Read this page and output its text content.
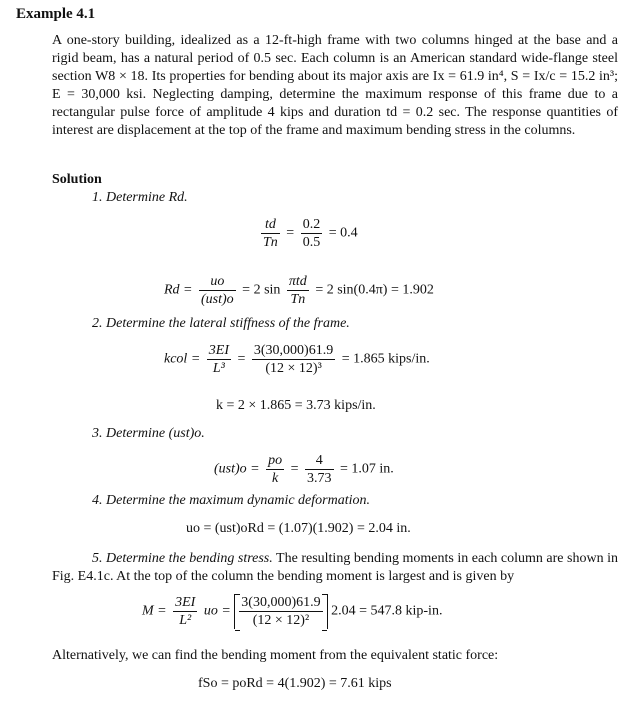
Example 4.1
A one-story building, idealized as a 12-ft-high frame with two columns hinged at the base and a rigid beam, has a natural period of 0.5 sec. Each column is an American standard wide-flange steel section W8 × 18. Its properties for bending about its major axis are Ix = 61.9 in⁴, S = Ix/c = 15.2 in³; E = 30,000 ksi. Neglecting damping, determine the maximum response of this frame due to a rectangular pulse force of amplitude 4 kips and duration td = 0.2 sec. The response quantities of interest are displacement at the top of the frame and maximum bending stress in the columns.
Solution
1. Determine Rd.
$\frac{td}{Tn} = \frac{0.2}{0.5} = 0.4$
$Rd = \frac{uo}{\text{(ust)o}} = 2$ $\sin \frac{\text{πtd}}{Tn} = 2$ sin(0.4π) = 1.902
2. Determine the lateral stiffness of the frame.
kcol = $\frac{3EI}{\text{L³}} = \frac{3(30,000)61.9}{\text{(12 × 12)³}} = 1.865$ kips/in.
k = 2 × 1.865 = 3.73 kips/in.
3. Determine (ust)o.
$(ust)o = \frac{po}{k} = \frac{4}{3.73} = 1.07$ in.
4. Determine the maximum dynamic deformation.
uo = (ust)oRd = (1.07)(1.902) = 2.04 in.
5. Determine the bending stress. The resulting bending moments in each column are shown in Fig. E4.1c. At the top of the column the bending moment is largest and is given by
$M = \frac{3EI}{\text{L²}}$ uo = $\frac{3(30,000)61.9}{\text{(12 × 12)²}} 2.04 = 547.8$ kip-in.
Alternatively, we can find the bending moment from the equivalent static force:
fSo = poRd = 4(1.902) = 7.61 kips
